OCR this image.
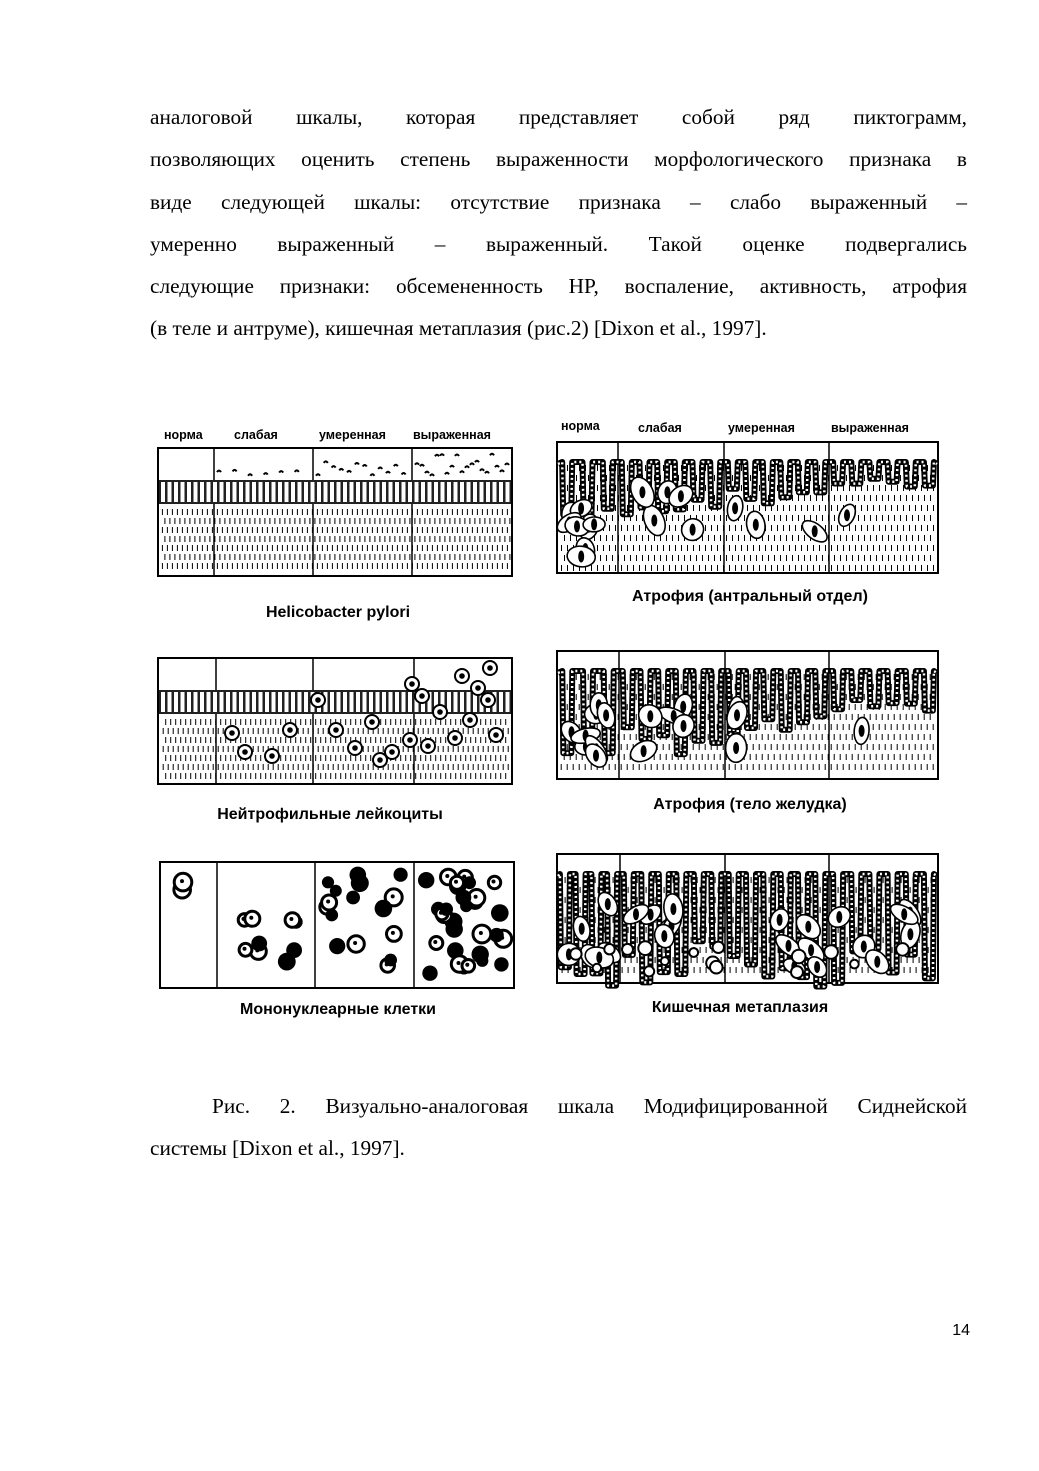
аналоговой шкалы, которая представляет собой ряд пиктограмм,
позволяющих оценить степень выраженности морфологического признака в
виде следующей шкалы: отсутствие признака – слабо выраженный –
умеренно выраженный – выраженный. Такой оценке подвергались
следующие признаки: обсемененность HP, воспаление, активность, атрофия
(в теле и антруме), кишечная метаплазия (рис.2) [Dixon et al., 1997].
норма	слабая	умеренная выраженная
норма	слабая	умеренная	выраженная
Helicobacter pylori
Нейтрофильные лейкоциты
Мононуклеарные клетки
Атрофия (антральный отдел)
Атрофия (тело желудка)
Кишечная метаплазия
Рис. 2. Визуально-аналоговая шкала Модифицированной Сиднейской
системы [Dixon et al., 1997].
14
